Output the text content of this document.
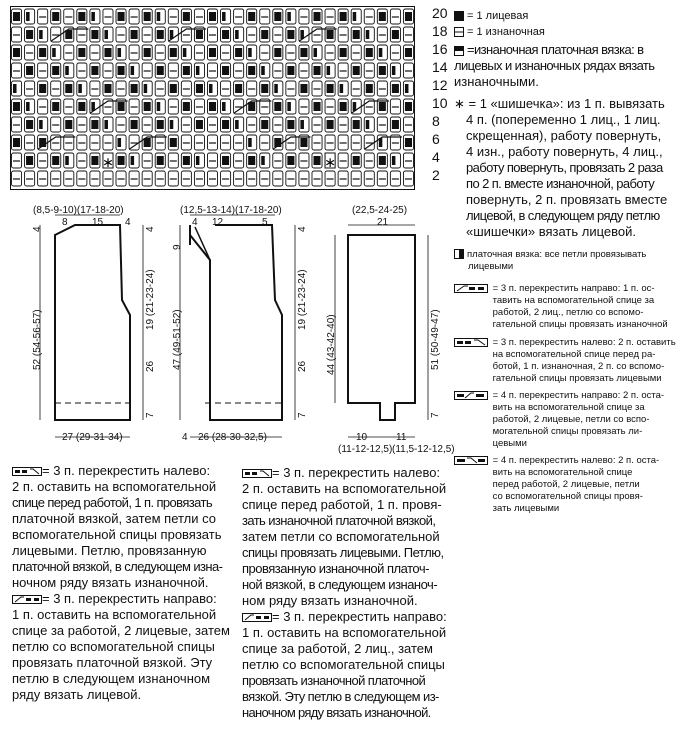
∗	∗
20
18
16
14
12
10
8
6
4
2
= 1 лицевая
= 1 изнаночная
=изнаночная платочная вязка: в
лицевых и изнаночных рядах вязать
изнаночными.
∗ = 1 «шишечка»: из 1 п. вывязать
4 п. (попеременно 1 лиц., 1 лиц.
скрещенная), работу повернуть,
4 изн., работу повернуть, 4 лиц.,
работу повернуть, провязать 2 раза
по 2 п. вместе изнаночной, работу
повернуть, 2 п. провязать вместе
лицевой, в следующем ряду петлю
«шишечки» вязать лицевой.
платочная вязка: все петли провязывать
лицевыми

= 3 п. перекрестить направо: 1 п. ос-
тавить на вспомогательной спице за
работой, 2 лиц., петлю со вспомо-
гательной спицы провязать изнаночной

= 3 п. перекрестить налево: 2 п. оставить
на вспомогательной спице перед ра-
ботой, 1 п. изнаночная, 2 п. со вспомо-
гательной спицы провязать лицевыми

= 4 п. перекрестить направо: 2 п. оста-
вить на вспомогательной спице за
работой, 2 лицевые, петли со вспо-
могательной спицы провязать ли-
цевыми

= 4 п. перекрестить налево: 2 п. оста-
вить на вспомогательной спице
перед работой, 2 лицевые, петли
со вспомогательной спицы провя-
зать лицевыми
(8,5-9-10)(17-18-20)
8 15 4
4
52 (54-56-57)
19 (21-23-24)
26
7
4
27 (29-31-34)
(12,5-13-14)(17-18-20)
4 12	5
9
47 (49-51-52)
4
19 (21-23-24)
26
7
4 26 (28-30-32,5)
(22,5-24-25)
21
44 (43-42-40)	51 (50-49-47)
7
10	11
(11-12-12,5) (11,5-12-12,5)

= 3 п. перекрестить налево:

2 п. оставить на вспомогательной

спице перед работой, 1 п. провязать

платочной вязкой, затем петли со

вспомогательной спицы провязать

лицевыми. Петлю, провязанную

платочной вязкой, в следующем изна-

ночном ряду вязать изнаночной.

= 3 п. перекрестить направо:

1 п. оставить на вспомогательной

спице за работой, 2 лицевые, затем

петлю со вспомогательной спицы

провязать платочной вязкой. Эту

петлю в следующем изнаночном

ряду вязать лицевой.

= 3 п. перекрестить налево:

2 п. оставить на вспомогательной

спице перед работой, 1 п. провя-

зать изнаночной платочной вязкой,

затем петли со вспомогательной

спицы провязать лицевыми. Петлю,

провязанную изнаночной платоч-

ной вязкой, в следующем изнаноч-

ном ряду вязать изнаночной.

= 3 п. перекрестить направо:

1 п. оставить на вспомогательной

спице за работой, 2 лиц., затем

петлю со вспомогательной спицы

провязать изнаночной платочной

вязкой. Эту петлю в следующем из-

наночном ряду вязать изнаночной.
